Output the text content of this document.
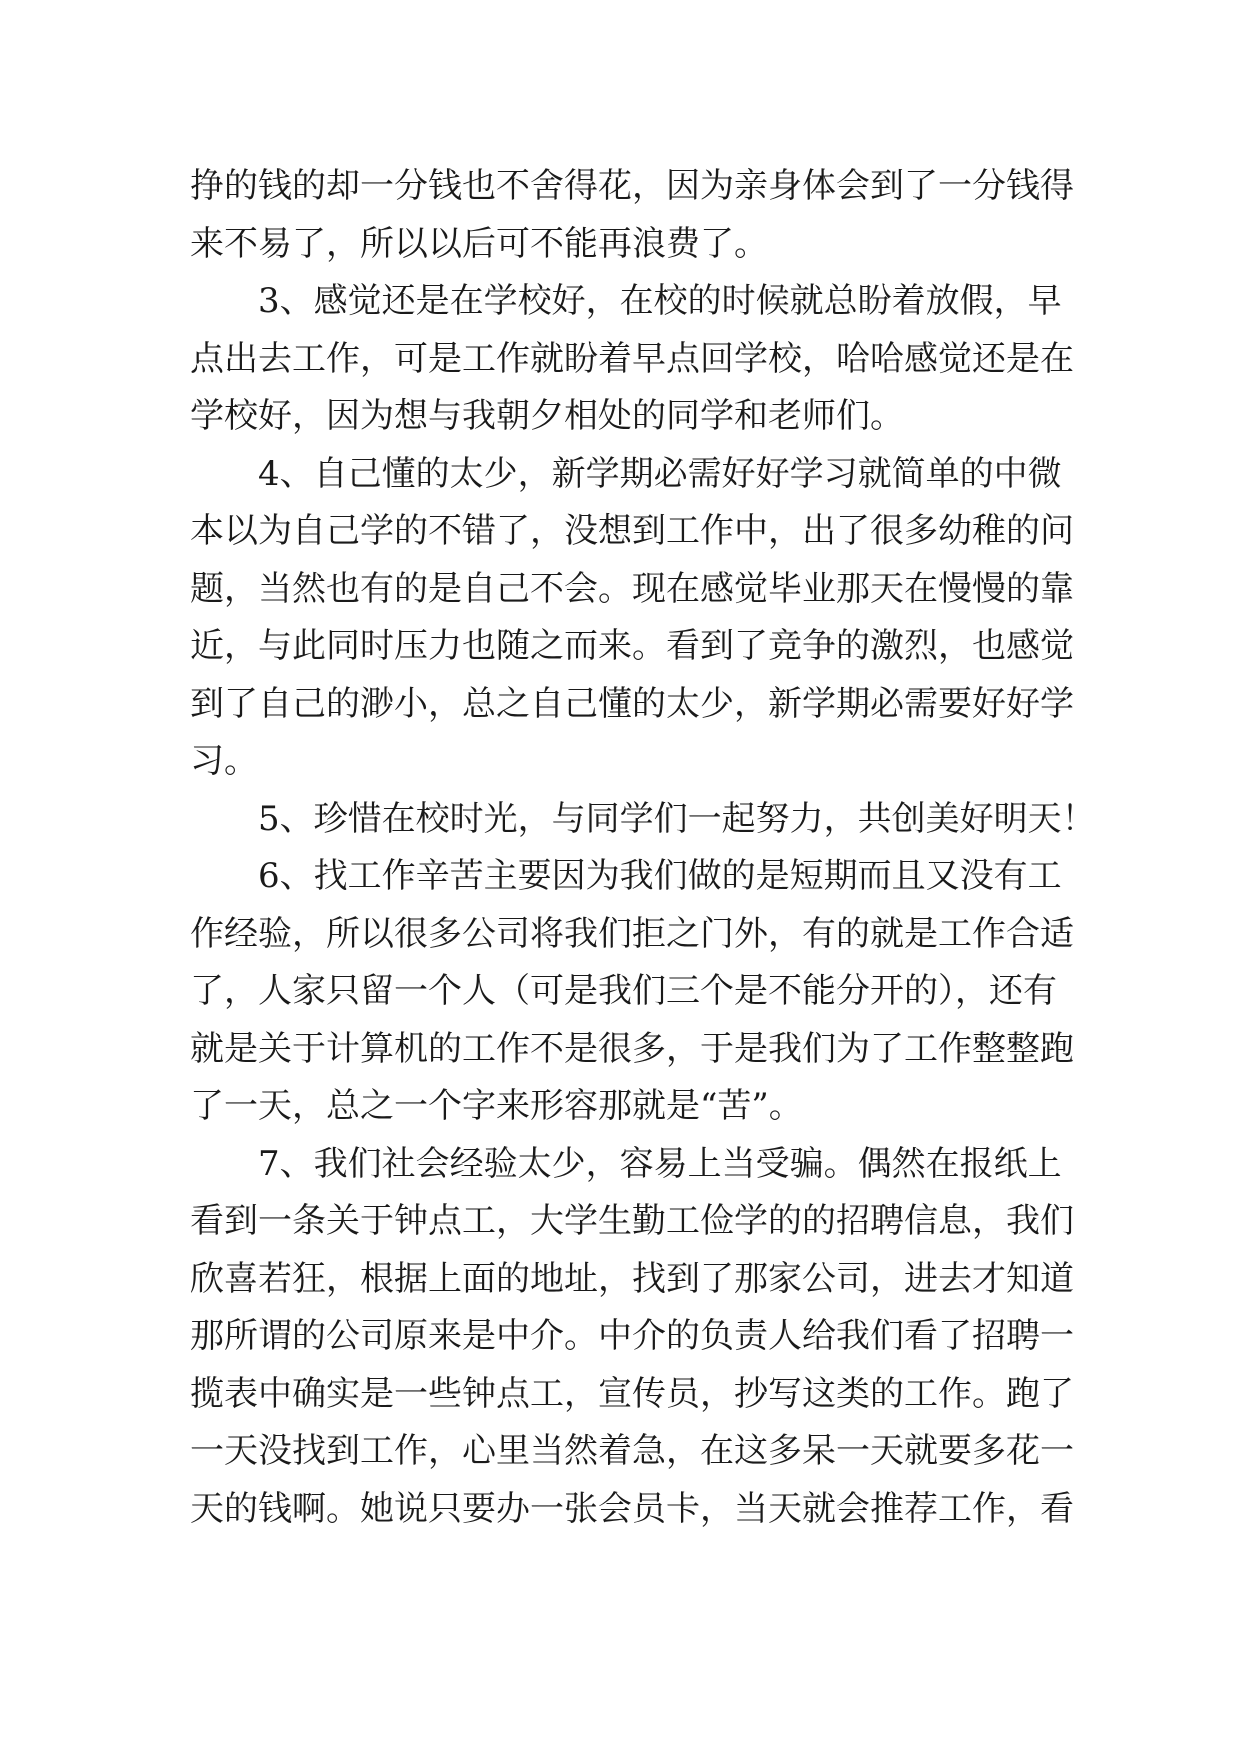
挣的钱的却一分钱也不舍得花，因为亲身体会到了一分钱得
来不易了，所以以后可不能再浪费了。
3、感觉还是在学校好，在校的时候就总盼着放假，早
点出去工作，可是工作就盼着早点回学校，哈哈感觉还是在
学校好，因为想与我朝夕相处的同学和老师们。
4、自己懂的太少，新学期必需好好学习就简单的中微
本以为自己学的不错了，没想到工作中，出了很多幼稚的问
题，当然也有的是自己不会。现在感觉毕业那天在慢慢的靠
近，与此同时压力也随之而来。看到了竞争的激烈，也感觉
到了自己的渺小，总之自己懂的太少，新学期必需要好好学
习。
5、珍惜在校时光，与同学们一起努力，共创美好明天！
6、找工作辛苦主要因为我们做的是短期而且又没有工
作经验，所以很多公司将我们拒之门外，有的就是工作合适
了，人家只留一个人（可是我们三个是不能分开的），还有
就是关于计算机的工作不是很多，于是我们为了工作整整跑
了一天，总之一个字来形容那就是“苦”。
7、我们社会经验太少，容易上当受骗。偶然在报纸上
看到一条关于钟点工，大学生勤工俭学的的招聘信息，我们
欣喜若狂，根据上面的地址，找到了那家公司，进去才知道
那所谓的公司原来是中介。中介的负责人给我们看了招聘一
揽表中确实是一些钟点工，宣传员，抄写这类的工作。跑了
一天没找到工作，心里当然着急，在这多呆一天就要多花一
天的钱啊。她说只要办一张会员卡，当天就会推荐工作，看
